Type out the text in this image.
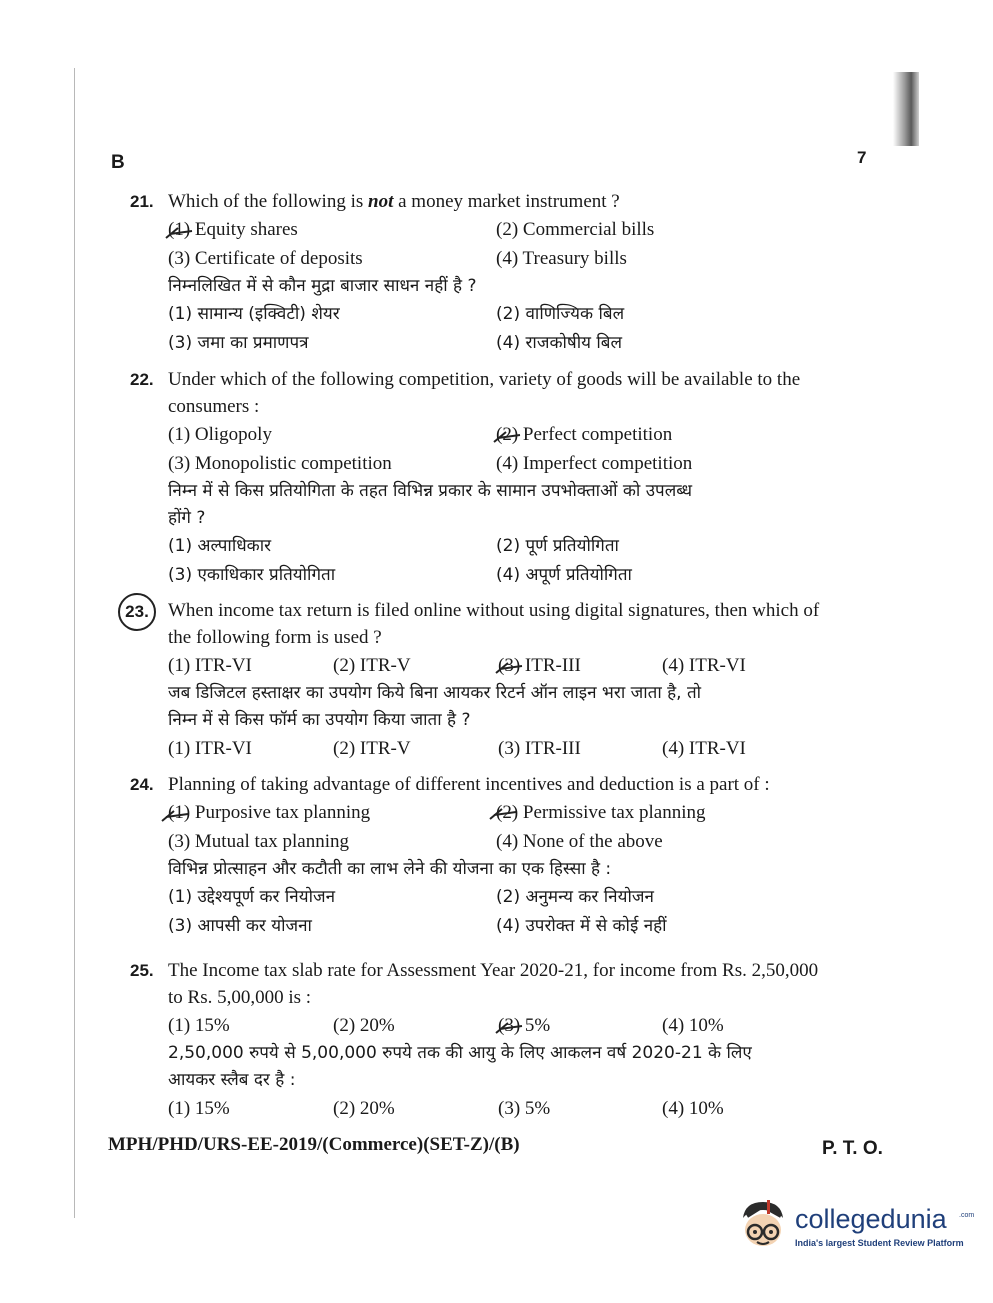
B	7
21. Which of the following is not a money market instrument ?
(1) Equity shares	(2) Commercial bills
(3) Certificate of deposits	(4) Treasury bills
निम्नलिखित में से कौन मुद्रा बाजार साधन नहीं है ?
(1) सामान्य (इक्विटी) शेयर	(2) वाणिज्यिक बिल
(3) जमा का प्रमाणपत्र	(4) राजकोषीय बिल
22. Under which of the following competition, variety of goods will be available to the
consumers :
(1) Oligopoly	(2) Perfect competition
(3) Monopolistic competition	(4) Imperfect competition
निम्न में से किस प्रतियोगिता के तहत विभिन्न प्रकार के सामान उपभोक्ताओं को उपलब्ध
होंगे ?
(1) अल्पाधिकार	(2) पूर्ण प्रतियोगिता
(3) एकाधिकार प्रतियोगिता	(4) अपूर्ण प्रतियोगिता
23.	When income tax return is filed online without using digital signatures, then which of
the following form is used ?
(1) ITR-VI	(2) ITR-V	(3) ITR-III	(4) ITR-VI
जब डिजिटल हस्ताक्षर का उपयोग किये बिना आयकर रिटर्न ऑन लाइन भरा जाता है, तो
निम्न में से किस फॉर्म का उपयोग किया जाता है ?
(1) ITR-VI	(2) ITR-V	(3) ITR-III	(4) ITR-VI
24. Planning of taking advantage of different incentives and deduction is a part of :
(1) Purposive tax planning	(2) Permissive tax planning
(3) Mutual tax planning	(4) None of the above
विभिन्न प्रोत्साहन और कटौती का लाभ लेने की योजना का एक हिस्सा है :
(1) उद्देश्यपूर्ण कर नियोजन	(2) अनुमन्य कर नियोजन
(3) आपसी कर योजना	(4) उपरोक्त में से कोई नहीं
25. The Income tax slab rate for Assessment Year 2020-21, for income from Rs. 2,50,000
to Rs. 5,00,000 is :
(1) 15%	(2) 20%	(3) 5%	(4) 10%
2,50,000 रुपये से 5,00,000 रुपये तक की आयु के लिए आकलन वर्ष 2020-21 के लिए
आयकर स्लैब दर है :
(1) 15%	(2) 20%	(3) 5%	(4) 10%
MPH/PHD/URS-EE-2019/(Commerce)(SET-Z)/(B)	P. T. O.
collegedunia .com
India's largest Student Review Platform
